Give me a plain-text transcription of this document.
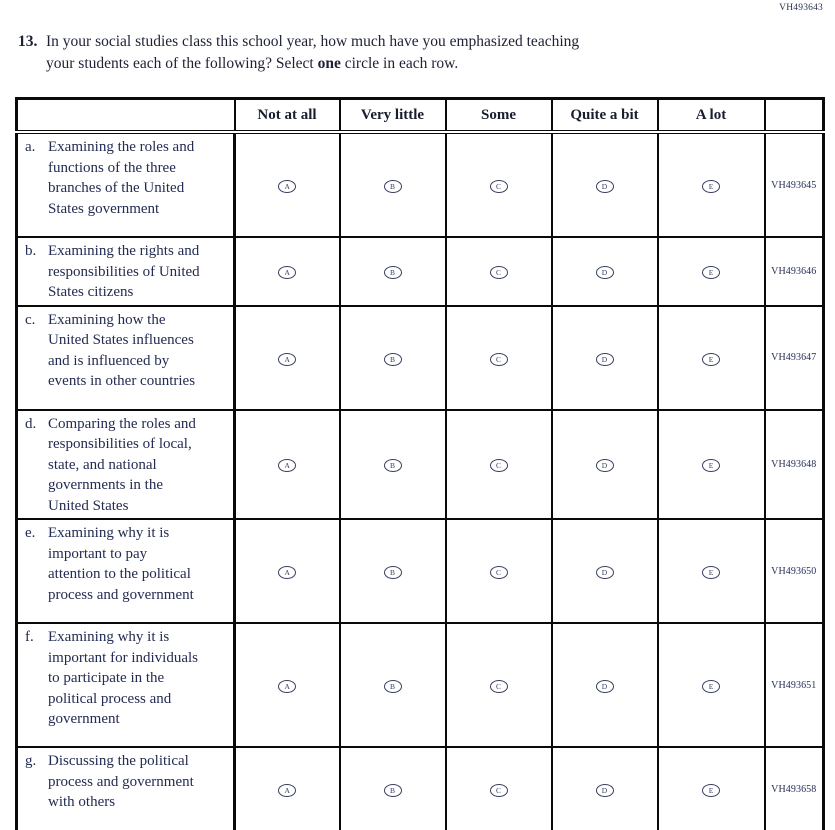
VH493643
13. In your social studies class this school year, how much have you emphasized teaching
your students each of the following? Select one circle in each row.
	Not at all	Very little	Some	Quite a bit	A lot	

a. Examining the roles and functions of the three branches of the United States government	A	B	C	D	E	VH493645

b. Examining the rights and responsibilities of United States citizens	A	B	C	D	E	VH493646

c. Examining how the United States influences and is influenced by events in other countries	A	B	C	D	E	VH493647

d. Comparing the roles and responsibilities of local, state, and national governments in the United States	A	B	C	D	E	VH493648

e. Examining why it is important to pay attention to the political process and government	A	B	C	D	E	VH493650

f. Examining why it is important for individuals to participate in the political process and government	A	B	C	D	E	VH493651

g. Discussing the political process and government with others	A	B	C	D	E	VH493658
